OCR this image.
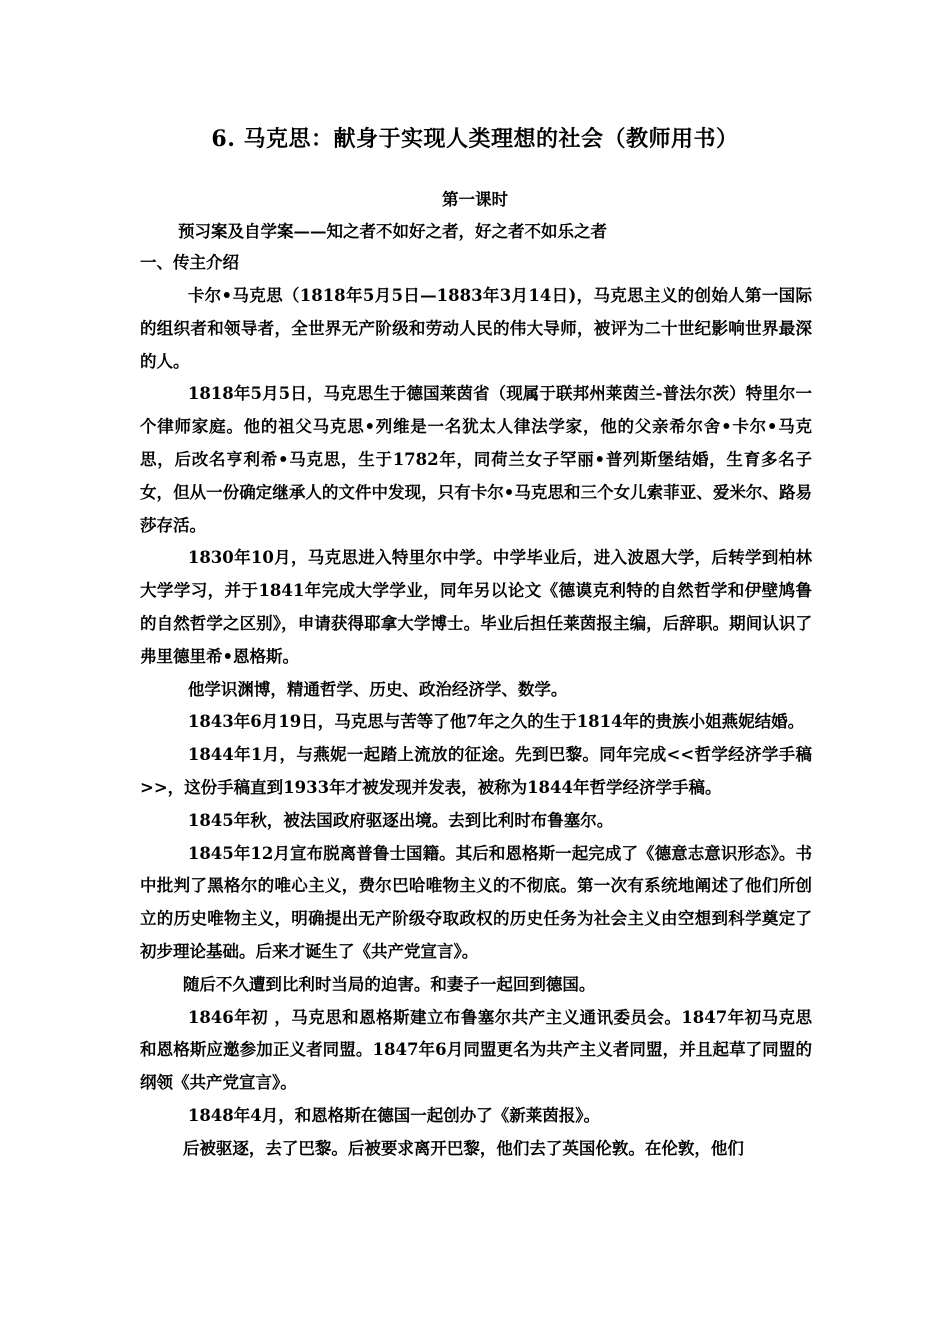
6. 马克思：献身于实现人类理想的社会（教师用书）
第一课时
预习案及自学案——知之者不如好之者，好之者不如乐之者
一、传主介绍

卡尔•马克思（1818年5月5日—1883年3月14日)，马克思主义的创始人第一国际的组织者和领导者，全世界无产阶级和劳动人民的伟大导师，被评为二十世纪影响世界最深的人。

1818年5月5日，马克思生于德国莱茵省（现属于联邦州莱茵兰-普法尔茨）特里尔一个律师家庭。他的祖父马克思•列维是一名犹太人律法学家，他的父亲希尔舍•卡尔•马克思，后改名亨利希•马克思，生于1782年，同荷兰女子罕丽•普列斯堡结婚，生育多名子女，但从一份确定继承人的文件中发现，只有卡尔•马克思和三个女儿索菲亚、爱米尔、路易莎存活。

1830年10月，马克思进入特里尔中学。中学毕业后，进入波恩大学，后转学到柏林大学学习，并于1841年完成大学学业，同年另以论文《德谟克利特的自然哲学和伊壁鸠鲁的自然哲学之区别》，申请获得耶拿大学博士。毕业后担任莱茵报主编，后辞职。期间认识了弗里德里希•恩格斯。

他学识渊博，精通哲学、历史、政治经济学、数学。

1843年6月19日，马克思与苦等了他7年之久的生于1814年的贵族小姐燕妮结婚。

1844年1月，与燕妮一起踏上流放的征途。先到巴黎。同年完成<<哲学经济学手稿>>，这份手稿直到1933年才被发现并发表，被称为1844年哲学经济学手稿。

1845年秋，被法国政府驱逐出境。去到比利时布鲁塞尔。

1845年12月宣布脱离普鲁士国籍。其后和恩格斯一起完成了《德意志意识形态》。书中批判了黑格尔的唯心主义，费尔巴哈唯物主义的不彻底。第一次有系统地阐述了他们所创立的历史唯物主义，明确提出无产阶级夺取政权的历史任务为社会主义由空想到科学奠定了初步理论基础。后来才诞生了《共产党宣言》。

随后不久遭到比利时当局的迫害。和妻子一起回到德国。

1846年初 ，马克思和恩格斯建立布鲁塞尔共产主义通讯委员会。1847年初马克思和恩格斯应邀参加正义者同盟。1847年6月同盟更名为共产主义者同盟，并且起草了同盟的纲领《共产党宣言》。

1848年4月，和恩格斯在德国一起创办了《新莱茵报》。

后被驱逐，去了巴黎。后被要求离开巴黎，他们去了英国伦敦。在伦敦，他们
